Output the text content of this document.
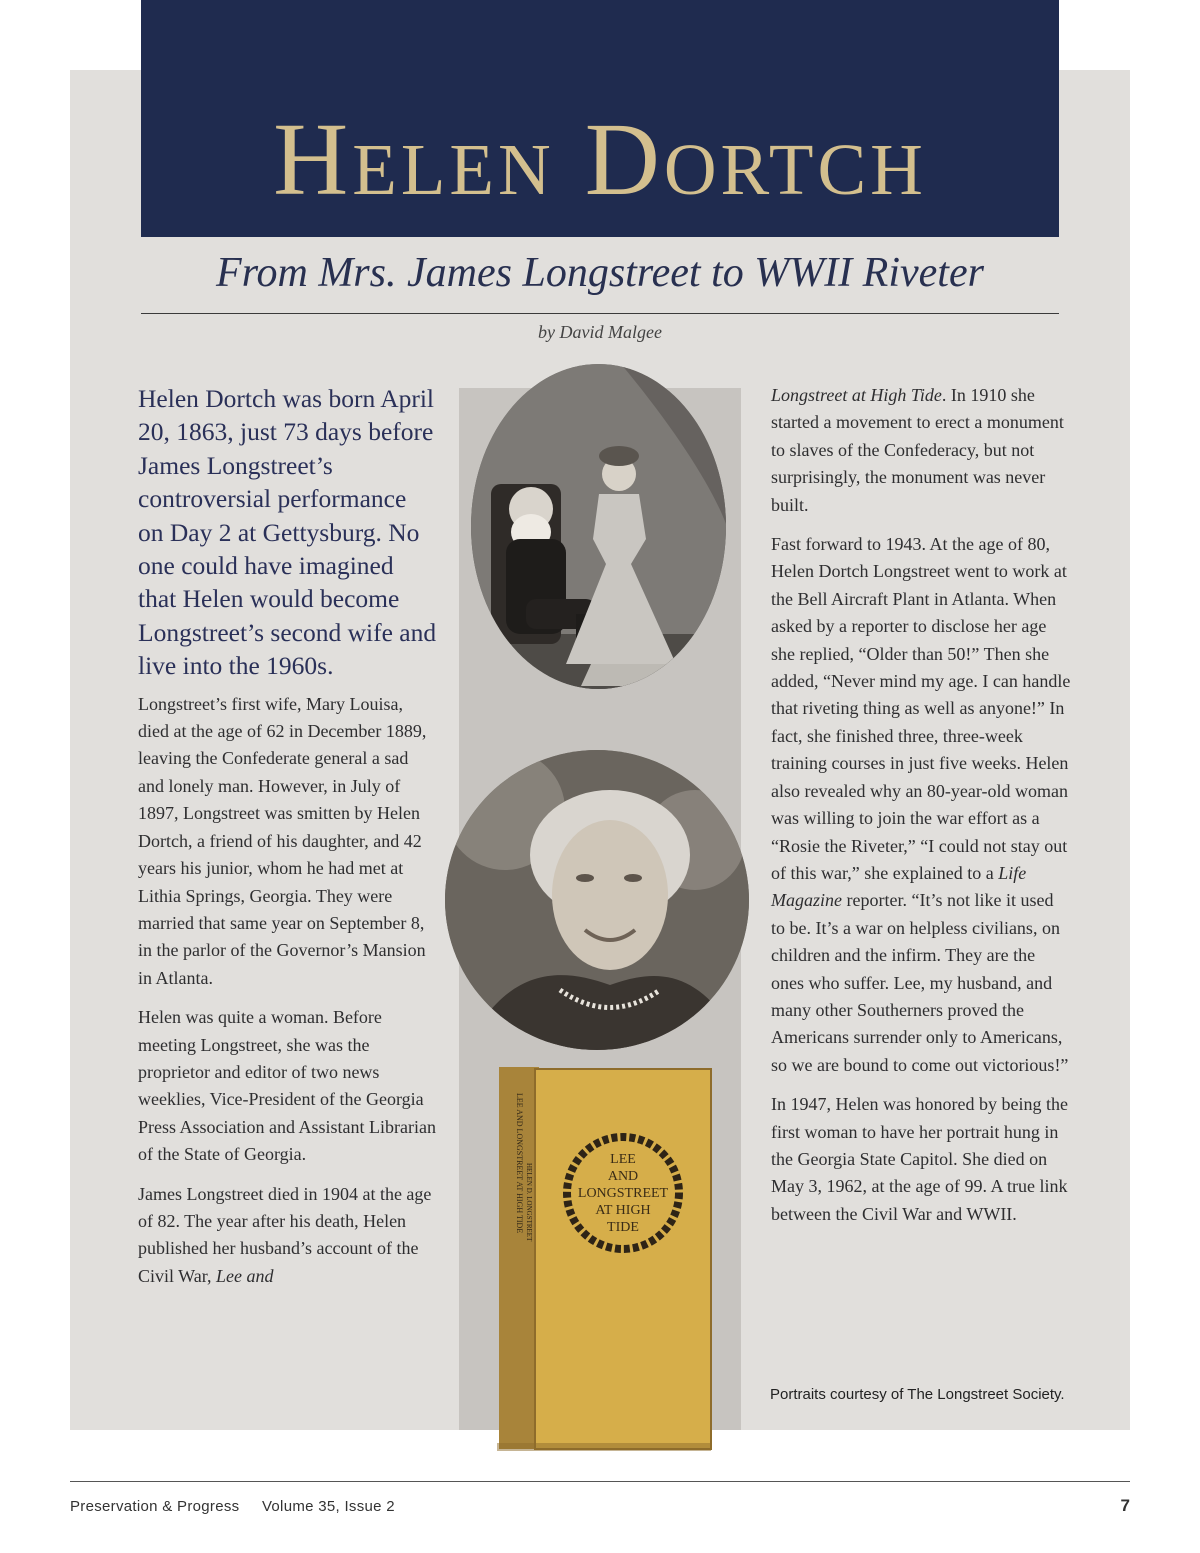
Helen Dortch
From Mrs. James Longstreet to WWII Riveter
by David Malgee

Helen Dortch was born April 20, 1863, just 73 days before James Longstreet’s controversial performance on Day 2 at Gettysburg. No one could have imagined that Helen would become Longstreet’s second wife and live into the 1960s.

Longstreet’s first wife, Mary Louisa, died at the age of 62 in December 1889, leaving the Confederate general a sad and lonely man. However, in July of 1897, Longstreet was smitten by Helen Dortch, a friend of his daughter, and 42 years his junior, whom he had met at Lithia Springs, Georgia. They were married that same year on September 8, in the parlor of the Governor’s Mansion in Atlanta.

Helen was quite a woman. Before meeting Longstreet, she was the proprietor and editor of two news weeklies, Vice-President of the Georgia Press Association and Assistant Librarian of the State of Georgia.

James Longstreet died in 1904 at the age of 82. The year after his death, Helen published her husband’s account of the Civil War, Lee and

LEE
AND
LONGSTREET
AT HIGH
TIDE
LEE AND LONGSTREET AT HIGH TIDE HELEN D. LONGSTREET

Longstreet at High Tide. In 1910 she started a movement to erect a monument to slaves of the Confederacy, but not surprisingly, the monument was never built.

Fast forward to 1943. At the age of 80, Helen Dortch Longstreet went to work at the Bell Aircraft Plant in Atlanta. When asked by a reporter to disclose her age she replied, “Older than 50!” Then she added, “Never mind my age. I can handle that riveting thing as well as anyone!” In fact, she finished three, three-week training courses in just five weeks. Helen also revealed why an 80-year-old woman was willing to join the war effort as a “Rosie the Riveter,” “I could not stay out of this war,” she explained to a Life Magazine reporter. “It’s not like it used to be. It’s a war on helpless civilians, on children and the infirm. They are the ones who suffer. Lee, my husband, and many other Southerners proved the Americans surrender only to Americans, so we are bound to come out victorious!”

In 1947, Helen was honored by being the first woman to have her portrait hung in the Georgia State Capitol. She died on May 3, 1962, at the age of 99. A true link between the Civil War and WWII.

Portraits courtesy of The Longstreet Society.
Preservation & Progress Volume 35, Issue 2	7
